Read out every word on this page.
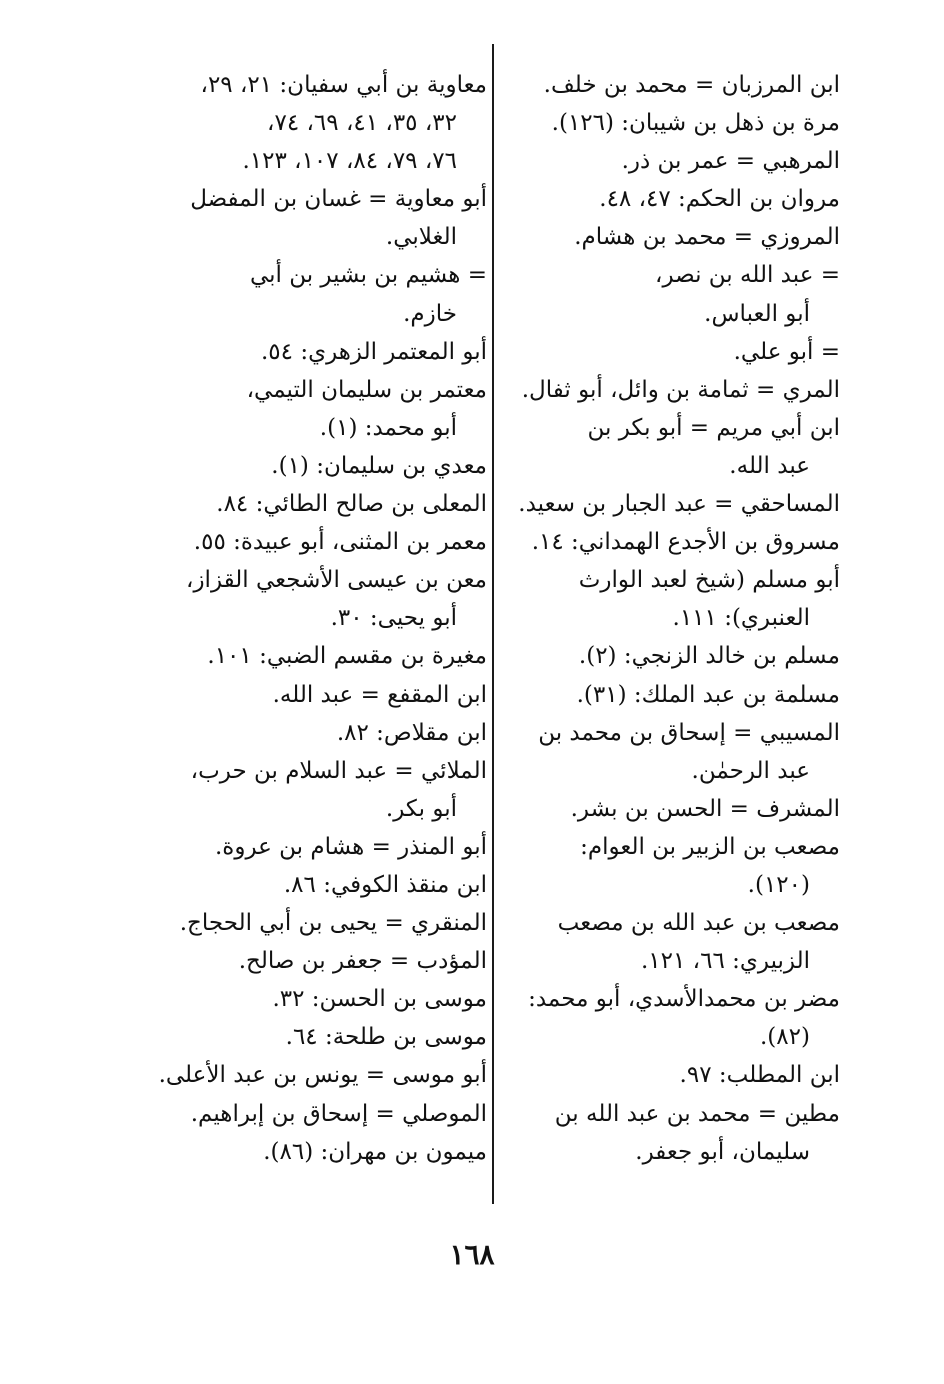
ابن المرزبان = محمد بن خلف.
مرة بن ذهل بن شيبان: (١٢٦).
المرهبي = عمر بن ذر.
مروان بن الحكم: ٤٧، ٤٨.
المروزي = محمد بن هشام.
= عبد الله بن نصر،
أبو العباس.
= أبو علي.
المري = ثمامة بن وائل، أبو ثفال.
ابن أبي مريم = أبو بكر بن
عبد الله.
المساحقي = عبد الجبار بن سعيد.
مسروق بن الأجدع الهمداني: ١٤.
أبو مسلم (شيخ لعبد الوارث
العنبري): ١١١.
مسلم بن خالد الزنجي: (٢).
مسلمة بن عبد الملك: (٣١).
المسيبي = إسحاق بن محمد بن
عبد الرحمٰن.
المشرف = الحسن بن بشر.
مصعب بن الزبير بن العوام:
(١٢٠).
مصعب بن عبد الله بن مصعب
الزبيري: ٦٦، ١٢١.
مضر بن محمدالأسدي، أبو محمد:
(٨٢).
ابن المطلب: ٩٧.
مطين = محمد بن عبد الله بن
سليمان، أبو جعفر.
معاوية بن أبي سفيان: ٢١، ٢٩،
٣٢، ٣٥، ٤١، ٦٩، ٧٤،
٧٦، ٧٩، ٨٤، ١٠٧، ١٢٣.
أبو معاوية = غسان بن المفضل
الغلابي.
= هشيم بن بشير بن أبي
خازم.
أبو المعتمر الزهري: ٥٤.
معتمر بن سليمان التيمي،
أبو محمد: (١).
معدي بن سليمان: (١).
المعلى بن صالح الطائي: ٨٤.
معمر بن المثنى، أبو عبيدة: ٥٥.
معن بن عيسى الأشجعي القزاز،
أبو يحيى: ٣٠.
مغيرة بن مقسم الضبي: ١٠١.
ابن المقفع = عبد الله.
ابن مقلاص: ٨٢.
الملائي = عبد السلام بن حرب،
أبو بكر.
أبو المنذر = هشام بن عروة.
ابن منقذ الكوفي: ٨٦.
المنقري = يحيى بن أبي الحجاج.
المؤدب = جعفر بن صالح.
موسى بن الحسن: ٣٢.
موسى بن طلحة: ٦٤.
أبو موسى = يونس بن عبد الأعلى.
الموصلي = إسحاق بن إبراهيم.
ميمون بن مهران: (٨٦).
١٦٨
